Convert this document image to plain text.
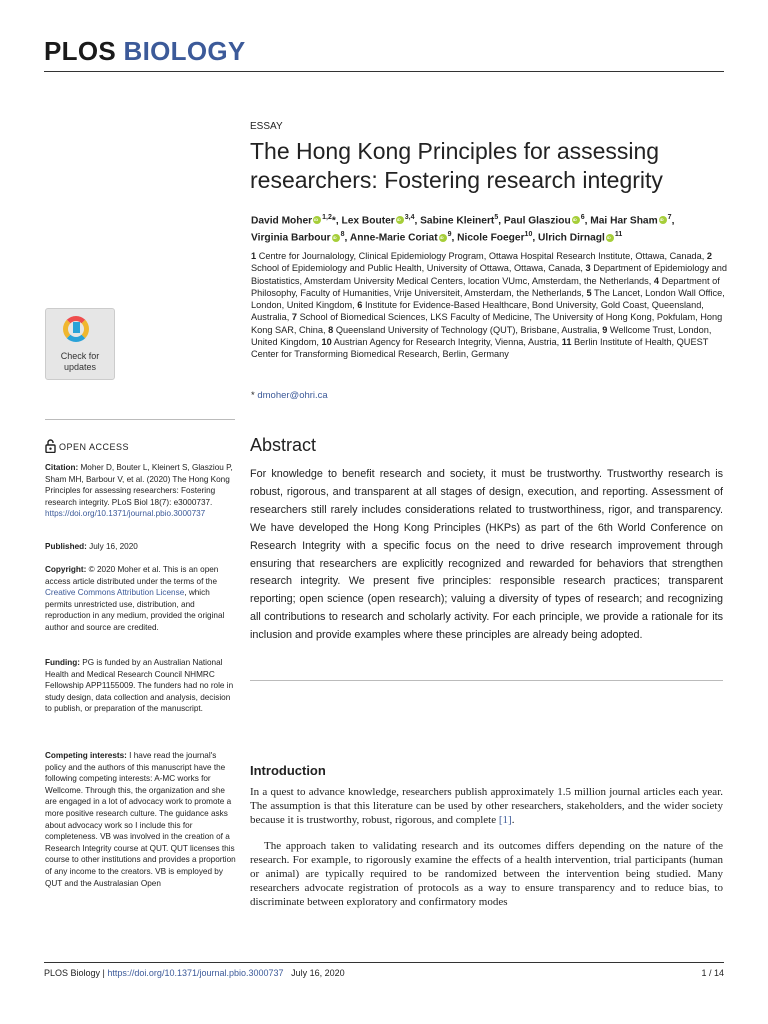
PLOS BIOLOGY
ESSAY
The Hong Kong Principles for assessing researchers: Fostering research integrity
David Moher iD $^{1,2}$*, Lex Bouter iD $^{3,4}$, Sabine Kleinert$^5$, Paul Glasziou iD $^6$, Mai Har ShamiD $^7$,
Virginia Barbour iD $^8$, Anne-Marie Coriat iD $^9$, Nicole Foeger$^{10}$, Ulrich Dirnagl iD $^{11}$
1 Centre for Journalology, Clinical Epidemiology Program, Ottawa Hospital Research Institute, Ottawa, Canada, 2 School of Epidemiology and Public Health, University of Ottawa, Ottawa, Canada, 3 Department of Epidemiology and Biostatistics, Amsterdam University Medical Centers, location VUmc, Amsterdam, the Netherlands, 4 Department of Philosophy, Faculty of Humanities, Vrije Universiteit, Amsterdam, the Netherlands, 5 The Lancet, London Wall Office, London, United Kingdom, 6 Institute for Evidence-Based Healthcare, Bond University, Gold Coast, Queensland, Australia, 7 School of Biomedical Sciences, LKS Faculty of Medicine, The University of Hong Kong, Pokfulam, Hong Kong SAR, China, 8 Queensland University of Technology (QUT), Brisbane, Australia, 9 Wellcome Trust, London, United Kingdom, 10 Austrian Agency for Research Integrity, Vienna, Austria, 11 Berlin Institute of Health, QUEST Center for Transforming Biomedical Research, Berlin, Germany
* dmoher@ohri.ca
Check for
updates
OPEN ACCESS
Citation: Moher D, Bouter L, Kleinert S, Glasziou P, Sham MH, Barbour V, et al. (2020) The Hong Kong Principles for assessing researchers: Fostering research integrity. PLoS Biol 18(7): e3000737. https://doi.org/10.1371/journal.pbio.3000737
Published: July 16, 2020
Copyright: © 2020 Moher et al. This is an open access article distributed under the terms of the Creative Commons Attribution License, which permits unrestricted use, distribution, and reproduction in any medium, provided the original author and source are credited.
Funding: PG is funded by an Australian National Health and Medical Research Council NHMRC Fellowship APP1155009. The funders had no role in study design, data collection and analysis, decision to publish, or preparation of the manuscript.
Competing interests: I have read the journal's policy and the authors of this manuscript have the following competing interests: A-MC works for Wellcome. Through this, the organization and she are engaged in a lot of advocacy work to promote a more positive research culture. The guidance asks about advocacy work so I include this for completeness. VB was involved in the creation of a Research Integrity course at QUT. QUT licenses this course to other institutions and provides a proportion of any income to the creators. VB is employed by QUT and the Australasian Open
Abstract
For knowledge to benefit research and society, it must be trustworthy. Trustworthy research is robust, rigorous, and transparent at all stages of design, execution, and reporting. Assessment of researchers still rarely includes considerations related to trustworthiness, rigor, and transparency. We have developed the Hong Kong Principles (HKPs) as part of the 6th World Conference on Research Integrity with a specific focus on the need to drive research improvement through ensuring that researchers are explicitly recognized and rewarded for behaviors that strengthen research integrity. We present five principles: responsible research practices; transparent reporting; open science (open research); valuing a diversity of types of research; and recognizing all contributions to research and scholarly activity. For each principle, we provide a rationale for its inclusion and provide examples where these principles are already being adopted.
Introduction
In a quest to advance knowledge, researchers publish approximately 1.5 million journal articles each year. The assumption is that this literature can be used by other researchers, stakeholders, and the wider society because it is trustworthy, robust, rigorous, and complete [1].
The approach taken to validating research and its outcomes differs depending on the nature of the research. For example, to rigorously examine the effects of a health intervention, trial participants (human or animal) are typically required to be randomized between the intervention being studied. Many researchers advocate registration of protocols as a way to ensure transparency and to reduce bias, to discriminate between exploratory and confirmatory modes
PLOS Biology | https://doi.org/10.1371/journal.pbio.3000737 July 16, 2020	1 / 14
